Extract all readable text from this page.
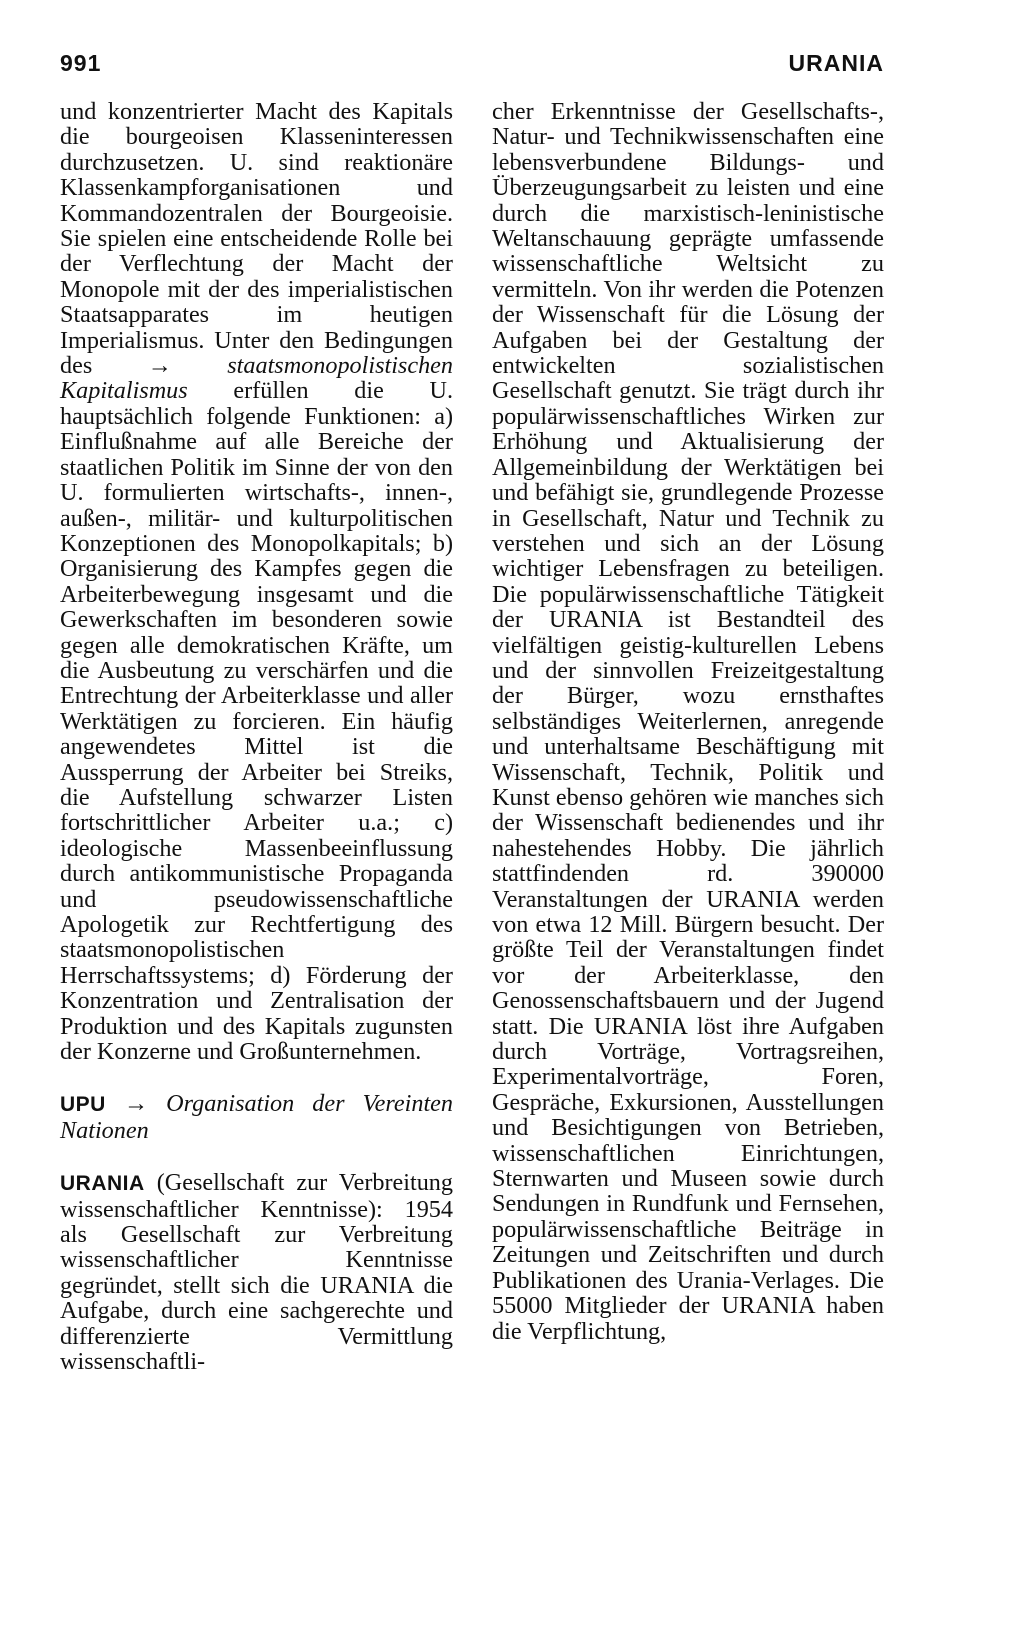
991	URANIA

und konzentrierter Macht des Kapitals die bourgeoisen Klasseninteressen durchzusetzen. U. sind reaktionäre Klassenkampforganisationen und Kommandozentralen der Bourgeoisie. Sie spielen eine entscheidende Rolle bei der Verflechtung der Macht der Monopole mit der des imperialistischen Staatsapparates im heutigen Imperialismus. Unter den Bedingungen des → staatsmonopolistischen Kapitalismus erfüllen die U. hauptsächlich folgende Funktionen: a) Einflußnahme auf alle Bereiche der staatlichen Politik im Sinne der von den U. formulierten wirtschafts-, innen-, außen-, militär- und kulturpolitischen Konzeptionen des Monopolkapitals; b) Organisierung des Kampfes gegen die Arbeiterbewegung insgesamt und die Gewerkschaften im besonderen sowie gegen alle demokratischen Kräfte, um die Ausbeutung zu verschärfen und die Entrechtung der Arbeiterklasse und aller Werktätigen zu forcieren. Ein häufig angewendetes Mittel ist die Aussperrung der Arbeiter bei Streiks, die Aufstellung schwarzer Listen fortschrittlicher Arbeiter u.a.; c) ideologische Massenbeeinflussung durch antikommunistische Propaganda und pseudowissenschaftliche Apologetik zur Rechtfertigung des staatsmonopolistischen Herrschaftssystems; d) Förderung der Konzentration und Zentralisation der Produktion und des Kapitals zugunsten der Konzerne und Großunternehmen.

UPU → Organisation der Vereinten Nationen

URANIA (Gesellschaft zur Verbreitung wissenschaftlicher Kenntnisse): 1954 als Gesellschaft zur Verbreitung wissenschaftlicher Kenntnisse gegründet, stellt sich die URANIA die Aufgabe, durch eine sachgerechte und differenzierte Vermittlung wissenschaftli-

cher Erkenntnisse der Gesellschafts-, Natur- und Technikwissenschaften eine lebensverbundene Bildungs- und Überzeugungsarbeit zu leisten und eine durch die marxistisch-leninistische Weltanschauung geprägte umfassende wissenschaftliche Weltsicht zu vermitteln. Von ihr werden die Potenzen der Wissenschaft für die Lösung der Aufgaben bei der Gestaltung der entwickelten sozialistischen Gesellschaft genutzt. Sie trägt durch ihr populärwissenschaftliches Wirken zur Erhöhung und Aktualisierung der Allgemeinbildung der Werktätigen bei und befähigt sie, grundlegende Prozesse in Gesellschaft, Natur und Technik zu verstehen und sich an der Lösung wichtiger Lebensfragen zu beteiligen. Die populärwissenschaftliche Tätigkeit der URANIA ist Bestandteil des vielfältigen geistig-kulturellen Lebens und der sinnvollen Freizeitgestaltung der Bürger, wozu ernsthaftes selbständiges Weiterlernen, anregende und unterhaltsame Beschäftigung mit Wissenschaft, Technik, Politik und Kunst ebenso gehören wie manches sich der Wissenschaft bedienendes und ihr nahestehendes Hobby. Die jährlich stattfindenden rd. 390000 Veranstaltungen der URANIA werden von etwa 12 Mill. Bürgern besucht. Der größte Teil der Veranstaltungen findet vor der Arbeiterklasse, den Genossenschaftsbauern und der Jugend statt. Die URANIA löst ihre Aufgaben durch Vorträge, Vortragsreihen, Experimentalvorträge, Foren, Gespräche, Exkursionen, Ausstellungen und Besichtigungen von Betrieben, wissenschaftlichen Einrichtungen, Sternwarten und Museen sowie durch Sendungen in Rundfunk und Fernsehen, populärwissenschaftliche Beiträge in Zeitungen und Zeitschriften und durch Publikationen des Urania-Verlages. Die 55000 Mitglieder der URANIA haben die Verpflichtung,
